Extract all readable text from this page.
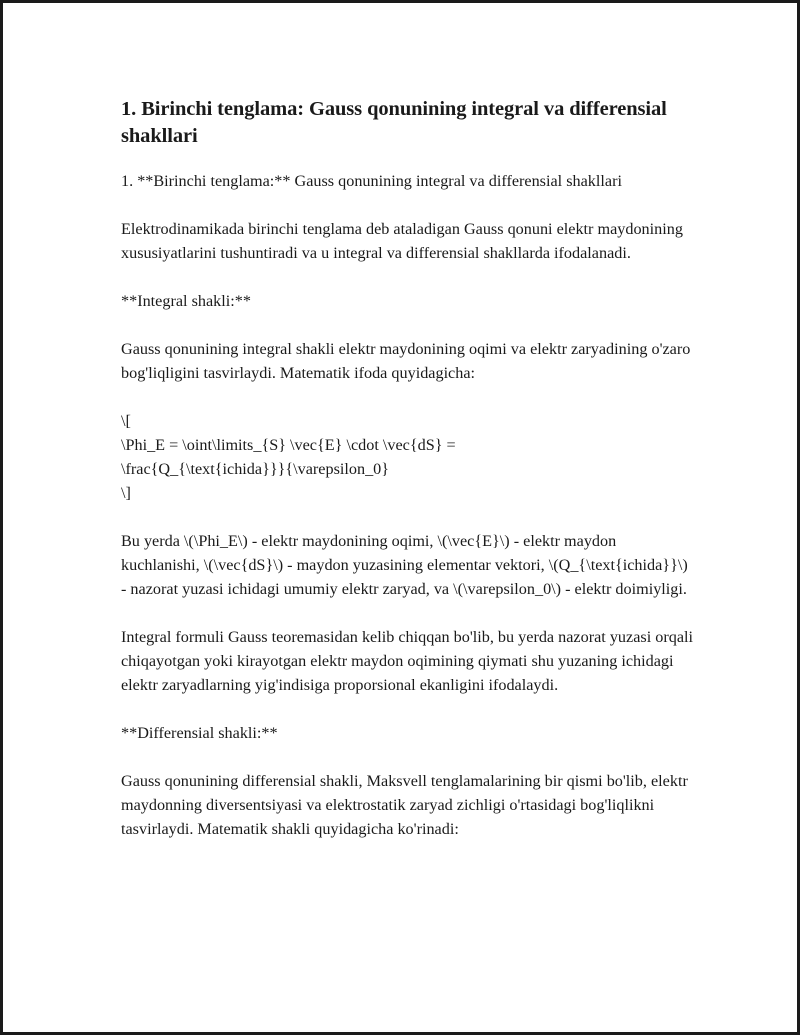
1. Birinchi tenglama: Gauss qonunining integral va differensial shakllari

1. **Birinchi tenglama:** Gauss qonunining integral va differensial shakllari

Elektrodinamikada birinchi tenglama deb ataladigan Gauss qonuni elektr maydonining xususiyatlarini tushuntiradi va u integral va differensial shakllarda ifodalanadi.

**Integral shakli:**

Gauss qonunining integral shakli elektr maydonining oqimi va elektr zaryadining o'zaro bog'liqligini tasvirlaydi. Matematik ifoda quyidagicha:

\[
\Phi_E = \oint\limits_{S} \vec{E} \cdot \vec{dS} =
\frac{Q_{\text{ichida}}}{\varepsilon_0}
\]

Bu yerda \(\Phi_E\) - elektr maydonining oqimi, \(\vec{E}\) - elektr maydon kuchlanishi, \(\vec{dS}\) - maydon yuzasining elementar vektori, \(Q_{\text{ichida}}\) - nazorat yuzasi ichidagi umumiy elektr zaryad, va \(\varepsilon_0\) - elektr doimiyligi.

Integral formuli Gauss teoremasidan kelib chiqqan bo'lib, bu yerda nazorat yuzasi orqali chiqayotgan yoki kirayotgan elektr maydon oqimining qiymati shu yuzaning ichidagi elektr zaryadlarning yig'indisiga proporsional ekanligini ifodalaydi.

**Differensial shakli:**

Gauss qonunining differensial shakli, Maksvell tenglamalarining bir qismi bo'lib, elektr maydonning diversentsiyasi va elektrostatik zaryad zichligi o'rtasidagi bog'liqlikni tasvirlaydi. Matematik shakli quyidagicha ko'rinadi:
